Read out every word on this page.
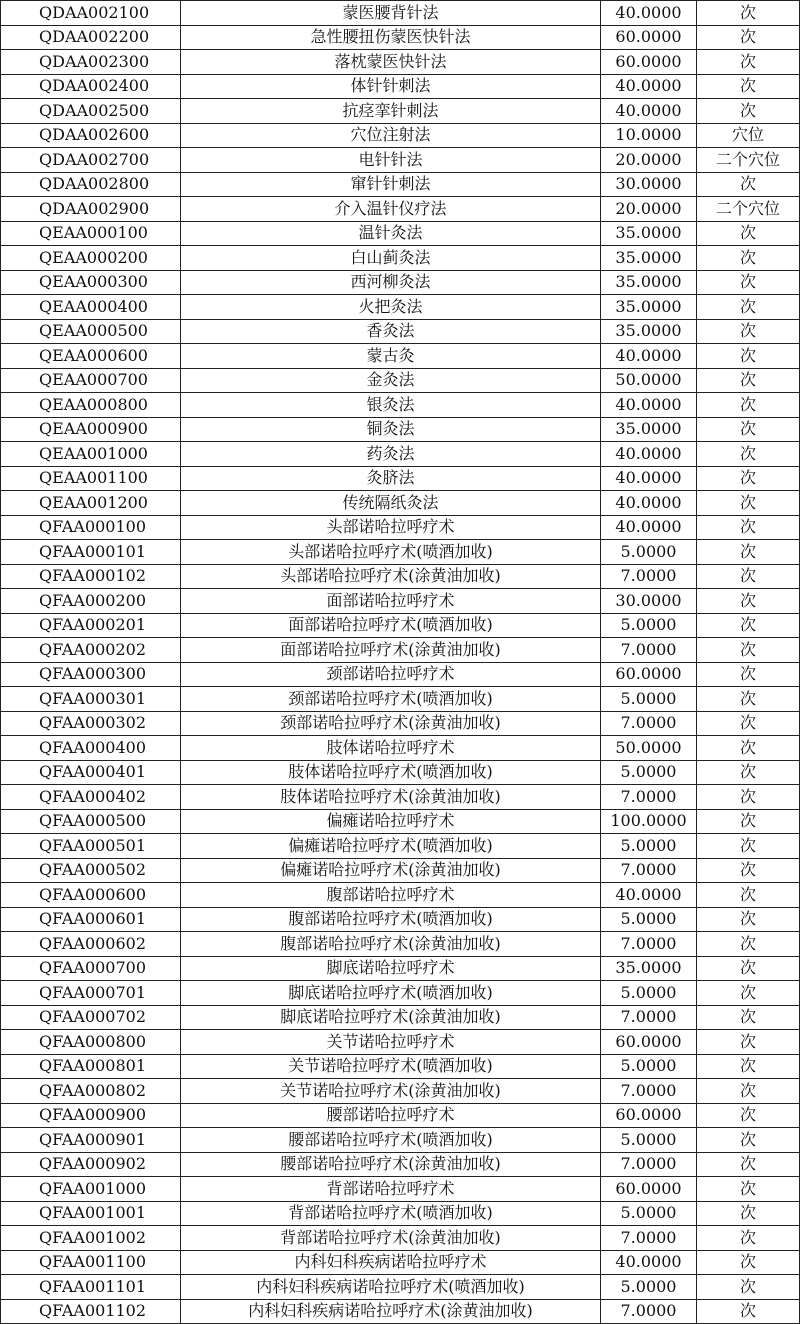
QDAA002100	蒙医腰背针法	40.0000	次
QDAA002200	急性腰扭伤蒙医快针法	60.0000	次
QDAA002300	落枕蒙医快针法	60.0000	次
QDAA002400	体针针刺法	40.0000	次
QDAA002500	抗痉挛针刺法	40.0000	次
QDAA002600	穴位注射法	10.0000	穴位
QDAA002700	电针针法	20.0000	二个穴位
QDAA002800	窜针针刺法	30.0000	次
QDAA002900	介入温针仪疗法	20.0000	二个穴位
QEAA000100	温针灸法	35.0000	次
QEAA000200	白山蓟灸法	35.0000	次
QEAA000300	西河柳灸法	35.0000	次
QEAA000400	火把灸法	35.0000	次
QEAA000500	香灸法	35.0000	次
QEAA000600	蒙古灸	40.0000	次
QEAA000700	金灸法	50.0000	次
QEAA000800	银灸法	40.0000	次
QEAA000900	铜灸法	35.0000	次
QEAA001000	药灸法	40.0000	次
QEAA001100	灸脐法	40.0000	次
QEAA001200	传统隔纸灸法	40.0000	次
QFAA000100	头部诺哈拉呼疗术	40.0000	次
QFAA000101	头部诺哈拉呼疗术(喷酒加收)	5.0000	次
QFAA000102	头部诺哈拉呼疗术(涂黄油加收)	7.0000	次
QFAA000200	面部诺哈拉呼疗术	30.0000	次
QFAA000201	面部诺哈拉呼疗术(喷酒加收)	5.0000	次
QFAA000202	面部诺哈拉呼疗术(涂黄油加收)	7.0000	次
QFAA000300	颈部诺哈拉呼疗术	60.0000	次
QFAA000301	颈部诺哈拉呼疗术(喷酒加收)	5.0000	次
QFAA000302	颈部诺哈拉呼疗术(涂黄油加收)	7.0000	次
QFAA000400	肢体诺哈拉呼疗术	50.0000	次
QFAA000401	肢体诺哈拉呼疗术(喷酒加收)	5.0000	次
QFAA000402	肢体诺哈拉呼疗术(涂黄油加收)	7.0000	次
QFAA000500	偏瘫诺哈拉呼疗术	100.0000	次
QFAA000501	偏瘫诺哈拉呼疗术(喷酒加收)	5.0000	次
QFAA000502	偏瘫诺哈拉呼疗术(涂黄油加收)	7.0000	次
QFAA000600	腹部诺哈拉呼疗术	40.0000	次
QFAA000601	腹部诺哈拉呼疗术(喷酒加收)	5.0000	次
QFAA000602	腹部诺哈拉呼疗术(涂黄油加收)	7.0000	次
QFAA000700	脚底诺哈拉呼疗术	35.0000	次
QFAA000701	脚底诺哈拉呼疗术(喷酒加收)	5.0000	次
QFAA000702	脚底诺哈拉呼疗术(涂黄油加收)	7.0000	次
QFAA000800	关节诺哈拉呼疗术	60.0000	次
QFAA000801	关节诺哈拉呼疗术(喷酒加收)	5.0000	次
QFAA000802	关节诺哈拉呼疗术(涂黄油加收)	7.0000	次
QFAA000900	腰部诺哈拉呼疗术	60.0000	次
QFAA000901	腰部诺哈拉呼疗术(喷酒加收)	5.0000	次
QFAA000902	腰部诺哈拉呼疗术(涂黄油加收)	7.0000	次
QFAA001000	背部诺哈拉呼疗术	60.0000	次
QFAA001001	背部诺哈拉呼疗术(喷酒加收)	5.0000	次
QFAA001002	背部诺哈拉呼疗术(涂黄油加收)	7.0000	次
QFAA001100	内科妇科疾病诺哈拉呼疗术	40.0000	次
QFAA001101	内科妇科疾病诺哈拉呼疗术(喷酒加收)	5.0000	次
QFAA001102	内科妇科疾病诺哈拉呼疗术(涂黄油加收)	7.0000	次
